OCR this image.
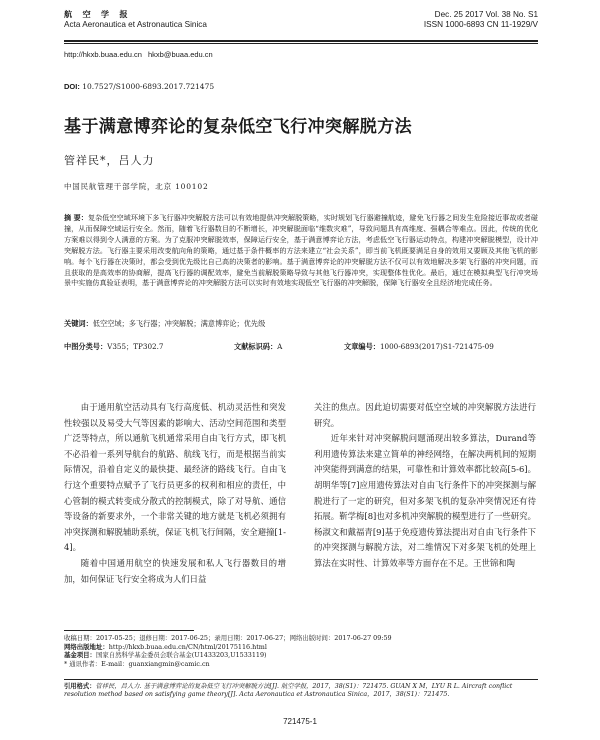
航 空 学 报	Dec. 25 2017 Vol. 38 No. S1
Acta Aeronautica et Astronautica Sinica	ISSN 1000-6893 CN 11-1929/V
http://hkxb.buaa.edu.cn hkxb@buaa.edu.cn
DOI: 10.7527/S1000-6893.2017.721475
基于满意博弈论的复杂低空飞行冲突解脱方法
管祥民*，吕人力
中国民航管理干部学院，北京 100102
摘 要：复杂低空空域环境下多飞行器冲突解脱方法可以有效地提供冲突解脱策略，实时规划飞行器避撞航迹，避免飞行器之间发生危险接近事故或者碰撞，从而保障空域运行安全。然而，随着飞行器数目的不断增长，冲突解脱面临“维数灾难”，导致问题具有高维度、强耦合等难点。因此，传统的优化方案难以得到令人满意的方案。为了克服冲突解脱效率，保障运行安全，基于满意博弈论方法，考虑低空飞行器运动特点，构建冲突解脱模型，设计冲突解脱方法。飞行器主要采用改变航向角的策略，通过基于条件概率的方法来建立“社会关系”，即当前飞机既要满足自身的效用又要顾及其他飞机的影响。每个飞行器在决策时，都会受到优先级比自己高的决策者的影响。基于满意博弈论的冲突解脱方法不仅可以有效地解决多架飞行器的冲突问题，而且获取的是高效率的协商解，提高飞行器的调配效率，避免当前解脱策略导致与其他飞行器冲突，实现整体性优化。最后，通过在模拟典型飞行冲突场景中实施仿真验证表明，基于满意博弈论的冲突解脱方法可以实时有效地实现低空飞行器的冲突解脱，保障飞行器安全且经济地完成任务。
关键词：低空空域；多飞行器；冲突解脱；满意博弈论；优先级
中图分类号：V355；TP302.7	文献标识码：A	文章编号：1000-6893(2017)S1-721475-09

由于通用航空活动具有飞行高度低、机动灵活性和突发性较强以及易受大气等因素的影响大、活动空间范围和类型广泛等特点，所以通航飞机通常采用自由飞行方式，即飞机不必沿着一系列导航台的航路、航线飞行，而是根据当前实际情况，沿着自定义的最快捷、最经济的路线飞行。自由飞行这个重要特点赋予了飞行员更多的权利和相应的责任，中心管制的模式转变成分散式的控制模式，除了对导航、通信等设备的新要求外，一个非常关键的地方就是飞机必须拥有冲突探测和解脱辅助系统，保证飞机飞行间隔，安全避撞[1-4]。

随着中国通用航空的快速发展和私人飞行器数目的增加，如何保证飞行安全将成为人们日益

关注的焦点。因此迫切需要对低空空域的冲突解脱方法进行研究。

近年来针对冲突解脱问题涌现出较多算法，Durand等利用遗传算法来建立简单的神经网络，在解决两机间的短期冲突能得到满意的结果，可靠性和计算效率都比较高[5-6]。胡明华等[7]应用遗传算法对自由飞行条件下的冲突探测与解脱进行了一定的研究，但对多架飞机的复杂冲突情况还有待拓展。靳学梅[8]也对多机冲突解脱的模型进行了一些研究。杨淑文和戴福青[9]基于免疫遗传算法提出对自由飞行条件下的冲突探测与解脱方法，对二维情况下对多架飞机的处理上算法在实时性、计算效率等方面存在不足。王世锦和陶

收稿日期：2017-05-25；退修日期：2017-06-25；录用日期：2017-06-27；网络出版时间：2017-06-27 09:59
网络出版地址：http://hkxb.buaa.edu.cn/CN/html/20175116.html
基金项目：国家自然科学基金委员会联合基金(U1433203,U1533119)
* 通讯作者：E-mail：guanxiangmin@camic.cn
引用格式：管祥民，吕人力. 基于满意博弈论的复杂低空飞行冲突解脱方法[J]. 航空学报，2017，38(S1)：721475. GUAN X M，LYU R L. Aircraft conflict resolution method based on satisfying game theory[J]. Acta Aeronautica et Astronautica Sinica，2017，38(S1)：721475.
721475-1
